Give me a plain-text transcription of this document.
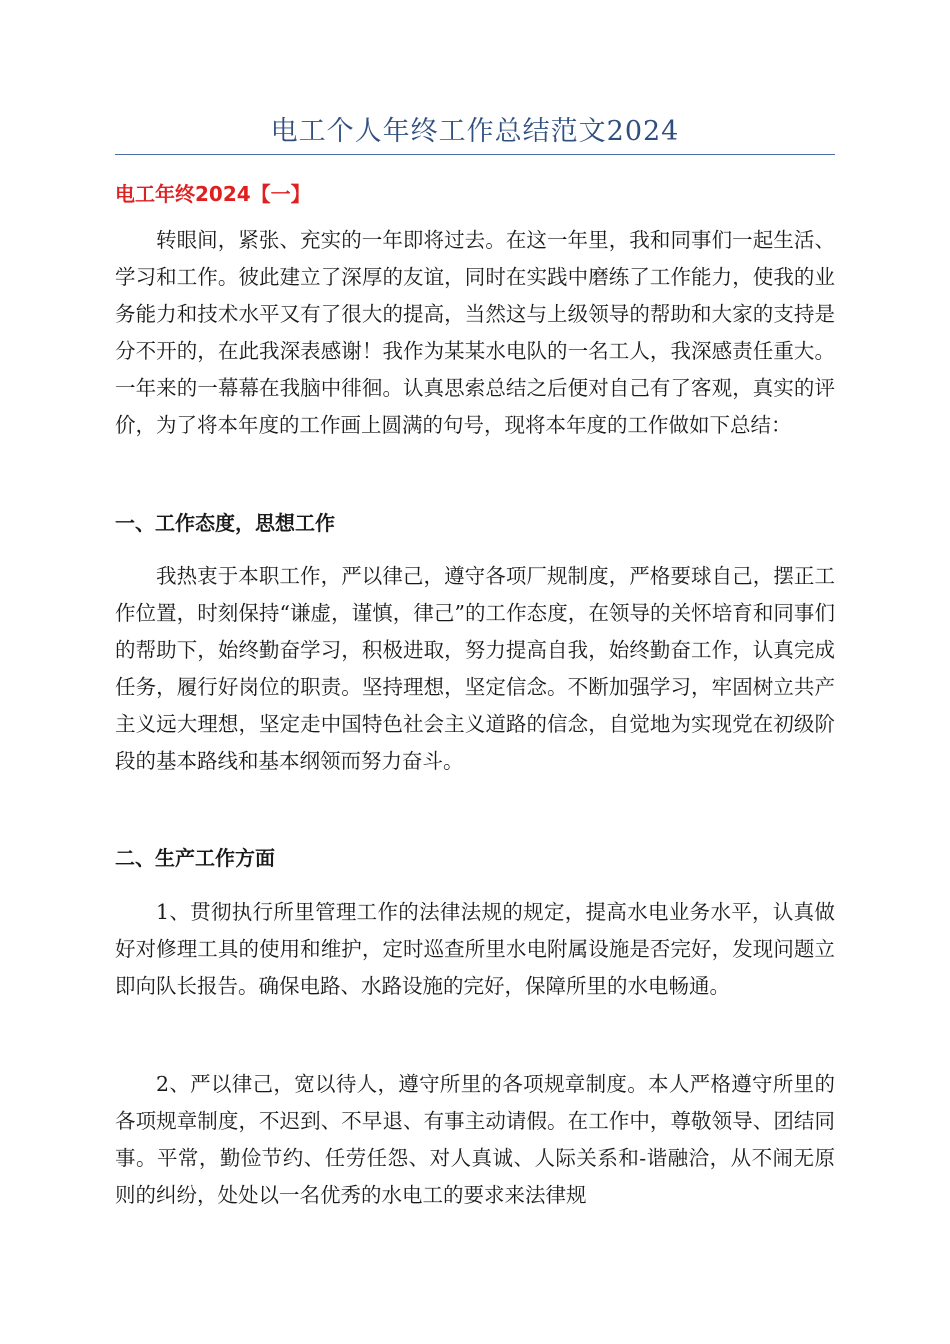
电工个人年终工作总结范文2024
电工年终2024【一】

转眼间，紧张、充实的一年即将过去。在这一年里，我和同事们一起生活、学习和工作。彼此建立了深厚的友谊，同时在实践中磨练了工作能力，使我的业务能力和技术水平又有了很大的提高，当然这与上级领导的帮助和大家的支持是分不开的，在此我深表感谢！我作为某某水电队的一名工人，我深感责任重大。一年来的一幕幕在我脑中徘徊。认真思索总结之后便对自己有了客观，真实的评价，为了将本年度的工作画上圆满的句号，现将本年度的工作做如下总结：

一、工作态度，思想工作

我热衷于本职工作，严以律己，遵守各项厂规制度，严格要球自己，摆正工作位置，时刻保持“谦虚，谨慎，律己”的工作态度，在领导的关怀培育和同事们的帮助下，始终勤奋学习，积极进取，努力提高自我，始终勤奋工作，认真完成任务，履行好岗位的职责。坚持理想，坚定信念。不断加强学习，牢固树立共产主义远大理想，坚定走中国特色社会主义道路的信念，自觉地为实现党在初级阶段的基本路线和基本纲领而努力奋斗。

二、生产工作方面

1、贯彻执行所里管理工作的法律法规的规定，提高水电业务水平，认真做好对修理工具的使用和维护，定时巡查所里水电附属设施是否完好，发现问题立即向队长报告。确保电路、水路设施的完好，保障所里的水电畅通。

2、严以律己，宽以待人，遵守所里的各项规章制度。本人严格遵守所里的各项规章制度，不迟到、不早退、有事主动请假。在工作中，尊敬领导、团结同事。平常，勤俭节约、任劳任怨、对人真诚、人际关系和-谐融洽，从不闹无原则的纠纷，处处以一名优秀的水电工的要求来法律规
